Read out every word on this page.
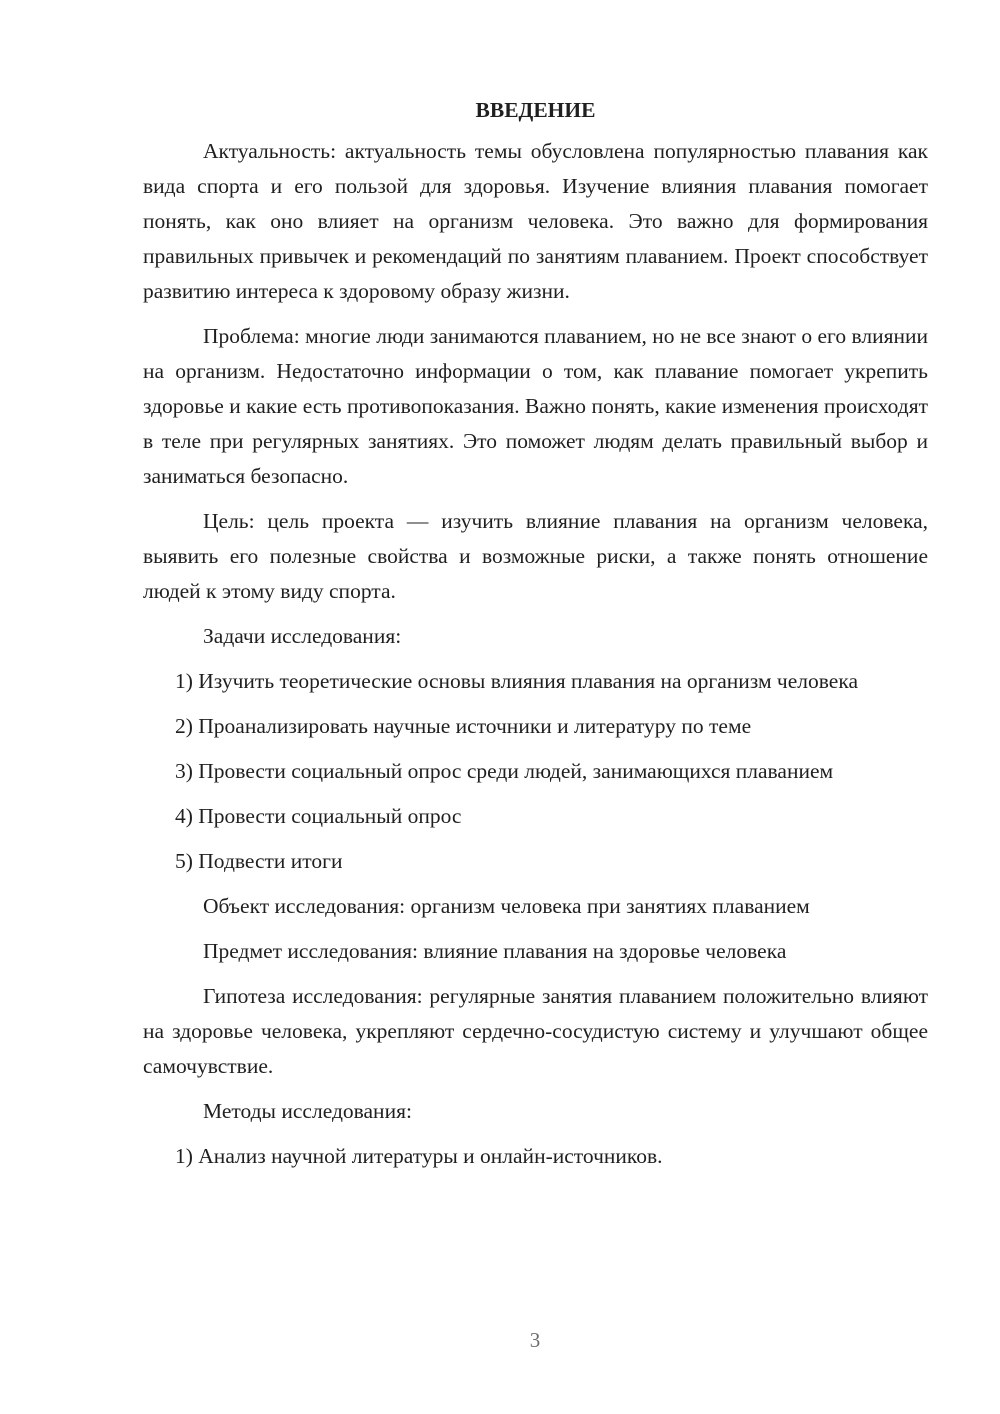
ВВЕДЕНИЕ

Актуальность: актуальность темы обусловлена популярностью плавания как вида спорта и его пользой для здоровья. Изучение влияния плавания помогает понять, как оно влияет на организм человека. Это важно для формирования правильных привычек и рекомендаций по занятиям плаванием. Проект способствует развитию интереса к здоровому образу жизни.

Проблема: многие люди занимаются плаванием, но не все знают о его влиянии на организм. Недостаточно информации о том, как плавание помогает укрепить здоровье и какие есть противопоказания. Важно понять, какие изменения происходят в теле при регулярных занятиях. Это поможет людям делать правильный выбор и заниматься безопасно.

Цель: цель проекта — изучить влияние плавания на организм человека, выявить его полезные свойства и возможные риски, а также понять отношение людей к этому виду спорта.

Задачи исследования:

1) Изучить теоретические основы влияния плавания на организм человека

2) Проанализировать научные источники и литературу по теме

3) Провести социальный опрос среди людей, занимающихся плаванием

4) Провести социальный опрос

5) Подвести итоги

Объект исследования: организм человека при занятиях плаванием

Предмет исследования: влияние плавания на здоровье человека

Гипотеза исследования: регулярные занятия плаванием положительно влияют на здоровье человека, укрепляют сердечно-сосудистую систему и улучшают общее самочувствие.

Методы исследования:

1) Анализ научной литературы и онлайн-источников.

3
